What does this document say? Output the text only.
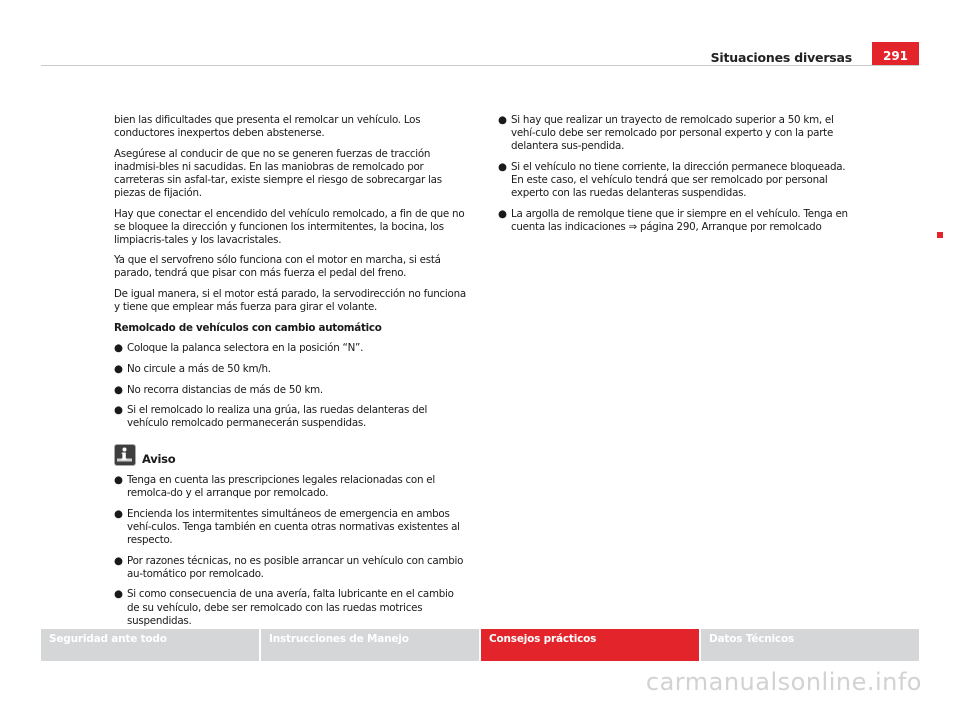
291
Situaciones diversas

bien las dificultades que presenta el remolcar un vehículo. Los conductores inexpertos deben abstenerse.

Asegúrese al conducir de que no se generen fuerzas de tracción inadmisi-bles ni sacudidas. En las maniobras de remolcado por carreteras sin asfal-tar, existe siempre el riesgo de sobrecargar las piezas de fijación.

Hay que conectar el encendido del vehículo remolcado, a fin de que no se bloquee la dirección y funcionen los intermitentes, la bocina, los limpiacris-tales y los lavacristales.

Ya que el servofreno sólo funciona con el motor en marcha, si está parado, tendrá que pisar con más fuerza el pedal del freno.

De igual manera, si el motor está parado, la servodirección no funciona y tiene que emplear más fuerza para girar el volante.

Remolcado de vehículos con cambio automático

● Coloque la palanca selectora en la posición “N”.

● No circule a más de 50 km/h.

● No recorra distancias de más de 50 km.

● Si el remolcado lo realiza una grúa, las ruedas delanteras del vehículo remolcado permanecerán suspendidas.

Aviso

● Tenga en cuenta las prescripciones legales relacionadas con el remolca-do y el arranque por remolcado.

● Encienda los intermitentes simultáneos de emergencia en ambos vehí-culos. Tenga también en cuenta otras normativas existentes al respecto.

● Por razones técnicas, no es posible arrancar un vehículo con cambio au-tomático por remolcado.

● Si como consecuencia de una avería, falta lubricante en el cambio de su vehículo, debe ser remolcado con las ruedas motrices suspendidas.

● Si hay que realizar un trayecto de remolcado superior a 50 km, el vehí-culo debe ser remolcado por personal experto y con la parte delantera sus-pendida.

● Si el vehículo no tiene corriente, la dirección permanece bloqueada. En este caso, el vehículo tendrá que ser remolcado por personal experto con las ruedas delanteras suspendidas.

● La argolla de remolque tiene que ir siempre en el vehículo. Tenga en cuenta las indicaciones ⇒ página 290, Arranque por remolcado

Seguridad ante todo	Instrucciones de Manejo	Consejos prácticos	Datos Técnicos
carmanualsonline.info
